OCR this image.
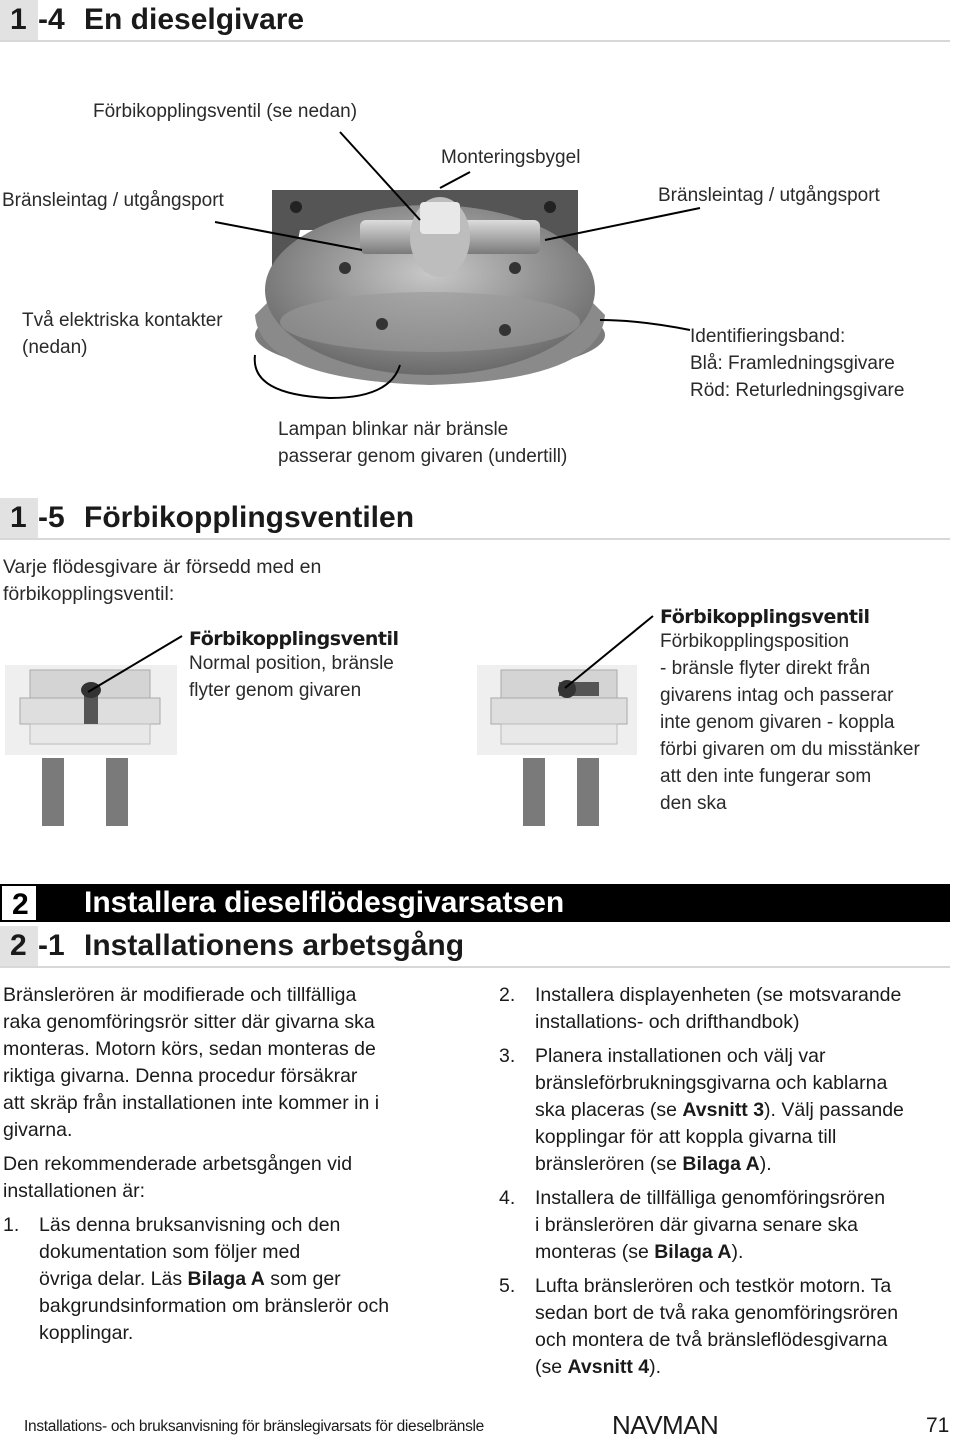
1 -4 En dieselgivare
Förbikopplingsventil (se nedan)
Monteringsbygel
Bränsleintag / utgångsport	Bränsleintag / utgångsport
Två elektriska kontakter
(nedan)
Identifieringsband:
Blå: Framledningsgivare
Röd: Returledningsgivare
Lampan blinkar när bränsle
passerar genom givaren (undertill)
1 -5 Förbikopplingsventilen
Varje flödesgivare är försedd med en
förbikopplingsventil:
Förbikopplingsventil
Normal position, bränsle
flyter genom givaren
Förbikopplingsventil
Förbikopplingsposition
- bränsle flyter direkt från
givarens intag och passerar
inte genom givaren - koppla
förbi givaren om du misstänker
att den inte fungerar som
den ska
2	Installera dieselflödesgivarsatsen
2 -1 Installationens arbetsgång
Bränslerören är modifierade och tillfälliga
raka genomföringsrör sitter där givarna ska
monteras. Motorn körs, sedan monteras de
riktiga givarna. Denna procedur försäkrar
att skräp från installationen inte kommer in i
givarna.
Den rekommenderade arbetsgången vid
installationen är:
1. Läs denna bruksanvisning och den
dokumentation som följer med
övriga delar. Läs Bilaga A som ger
bakgrundsinformation om bränslerör och
kopplingar.
2. Installera displayenheten (se motsvarande
installations- och drifthandbok)
3. Planera installationen och välj var
bränsleförbrukningsgivarna och kablarna
ska placeras (se Avsnitt 3). Välj passande
kopplingar för att koppla givarna till
bränslerören (se Bilaga A).
4. Installera de tillfälliga genomföringsrören
i bränslerören där givarna senare ska
monteras (se Bilaga A).
5. Lufta bränslerören och testkör motorn. Ta
sedan bort de två raka genomföringsrören
och montera de två bränsleflödesgivarna
(se Avsnitt 4).
Installations- och bruksanvisning för bränslegivarsats för dieselbränsle	NAVMAN	71
